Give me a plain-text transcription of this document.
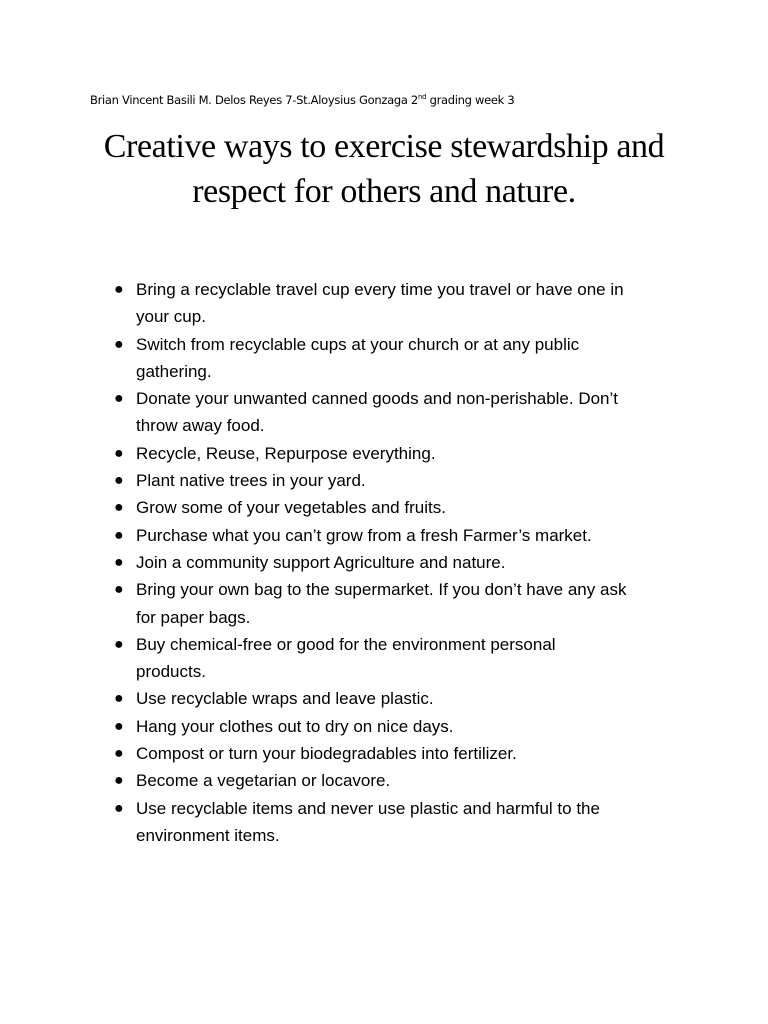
Brian Vincent Basili M. Delos Reyes 7-St.Aloysius Gonzaga 2nd grading week 3
Creative ways to exercise stewardship and
respect for others and nature.
● Bring a recyclable travel cup every time you travel or have one in
your cup.
● Switch from recyclable cups at your church or at any public
gathering.
● Donate your unwanted canned goods and non-perishable. Don’t
throw away food.
● Recycle, Reuse, Repurpose everything.
● Plant native trees in your yard.
● Grow some of your vegetables and fruits.
● Purchase what you can’t grow from a fresh Farmer’s market.
● Join a community support Agriculture and nature.
● Bring your own bag to the supermarket. If you don’t have any ask
for paper bags.
● Buy chemical-free or good for the environment personal
products.
● Use recyclable wraps and leave plastic.
● Hang your clothes out to dry on nice days.
● Compost or turn your biodegradables into fertilizer.
● Become a vegetarian or locavore.
● Use recyclable items and never use plastic and harmful to the
environment items.
